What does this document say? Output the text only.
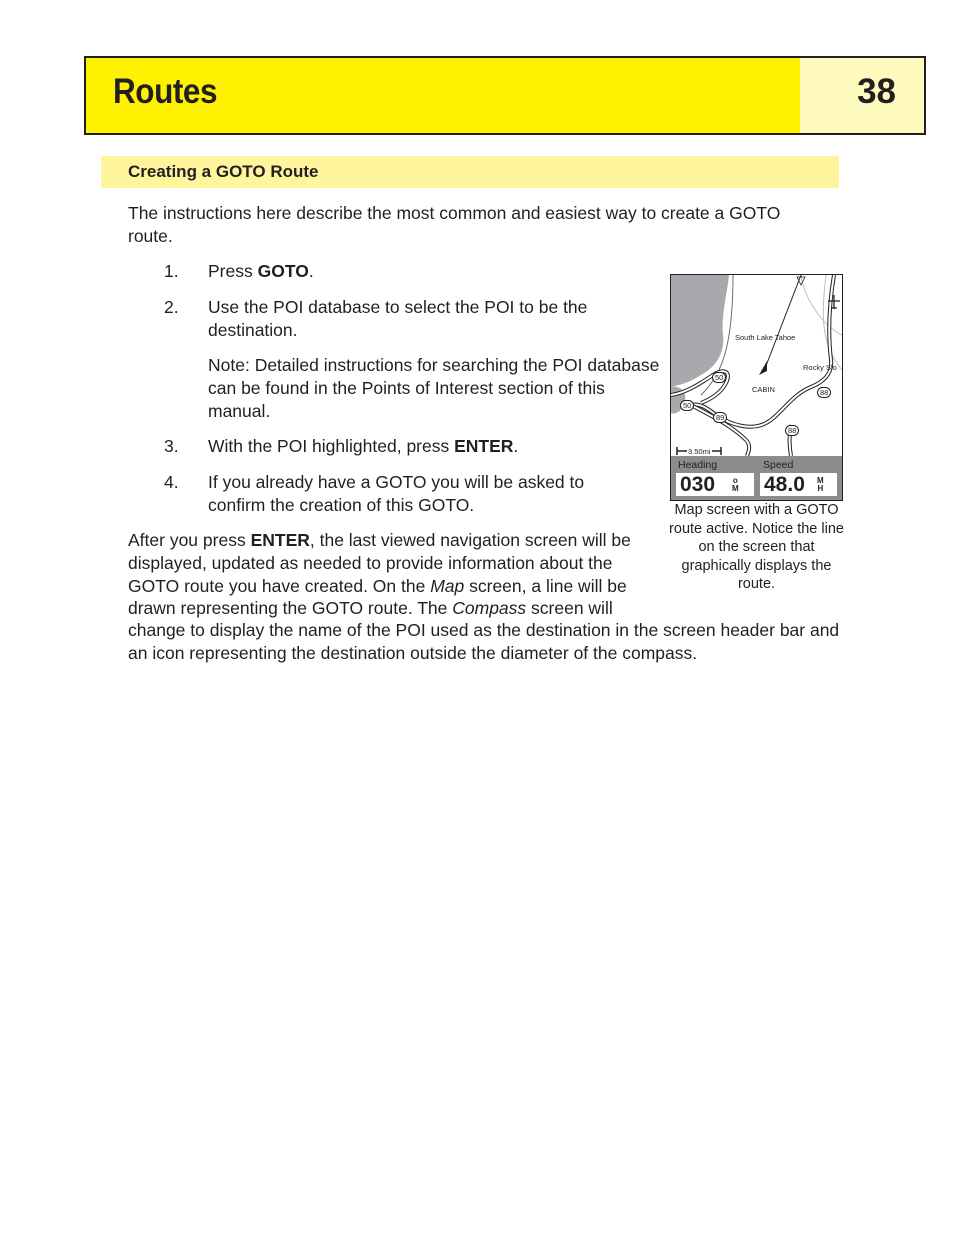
Routes	38
Creating a GOTO Route
The instructions here describe the most common and easiest way to create a GOTO route.
1. Press GOTO.
2. Use the POI database to select the POI to be the destination.
Note: Detailed instructions for searching the POI database can be found in the Points of Interest section of this manual.
3. With the POI highlighted, press ENTER.
4. If you already have a GOTO you will be asked to confirm the creation of this GOTO.
After you press ENTER, the last viewed navigation screen will be displayed, updated as needed to provide information about the GOTO route you have created. On the Map screen, a line will be drawn representing the GOTO route. The Compass screen will
change to display the name of the POI used as the destination in the screen header bar and an icon representing the destination outside the diameter of the compass.
South Lake Tahoe
Rocky Slo
CABIN
3.50mi
50
50
89
88
88
Heading	Speed
030 o
M 48.0 M
H
Map screen with a GOTO route active. Notice the line on the screen that graphically displays the route.
